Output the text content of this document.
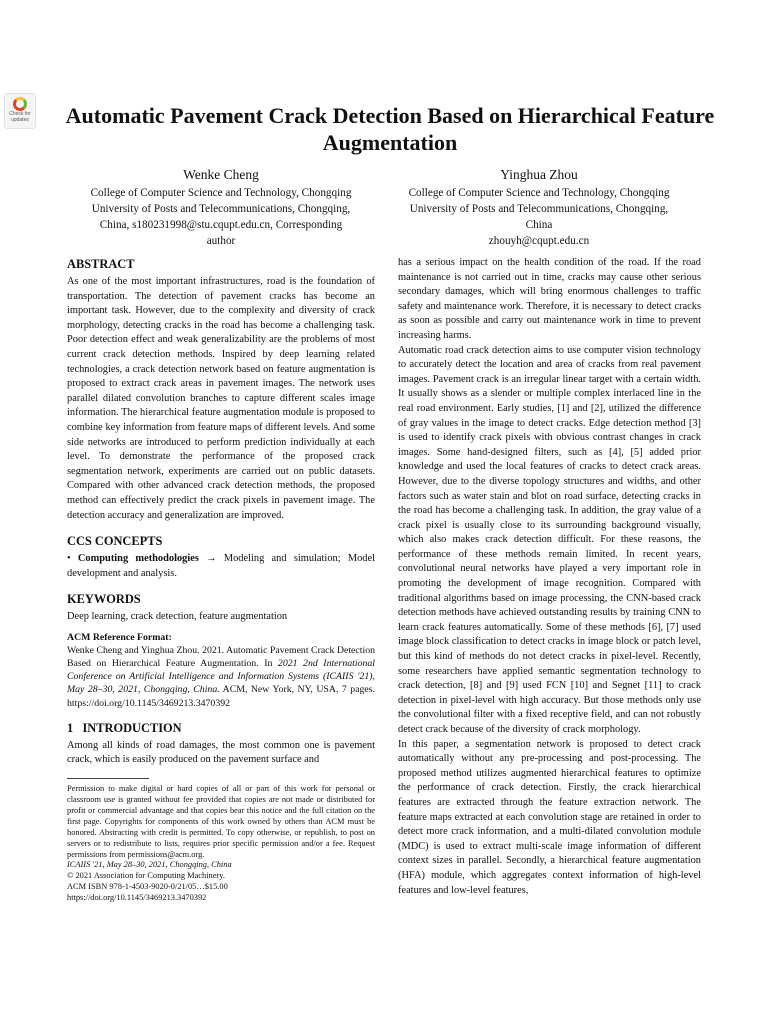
Check for updates Automatic Pavement Crack Detection Based on Hierarchical Feature Augmentation
Wenke Cheng
College of Computer Science and Technology, Chongqing
University of Posts and Telecommunications, Chongqing,
China, s180231998@stu.cqupt.edu.cn, Corresponding
author
Yinghua Zhou
College of Computer Science and Technology, Chongqing
University of Posts and Telecommunications, Chongqing,
China
zhouyh@cqupt.edu.cn
ABSTRACT

As one of the most important infrastructures, road is the foundation of transportation. The detection of pavement cracks has become an important task. However, due to the complexity and diversity of crack morphology, detecting cracks in the road has become a challenging task. Poor detection effect and weak generalizability are the problems of most current crack detection methods. Inspired by deep learning related technologies, a crack detection network based on feature augmentation is proposed to extract crack areas in pavement images. The network uses parallel dilated convolution branches to capture different scales image information. The hierarchical feature augmentation module is proposed to combine key information from feature maps of different levels. And some side networks are introduced to perform prediction individually at each level. To demonstrate the performance of the proposed crack segmentation network, experiments are carried out on public datasets. Compared with other advanced crack detection methods, the proposed method can effectively predict the crack pixels in pavement image. The detection accuracy and generalization are improved.

CCS CONCEPTS

• Computing methodologies → Modeling and simulation; Model development and analysis.

KEYWORDS

Deep learning, crack detection, feature augmentation

ACM Reference Format:

Wenke Cheng and Yinghua Zhou. 2021. Automatic Pavement Crack Detection Based on Hierarchical Feature Augmentation. In 2021 2nd International Conference on Artificial Intelligence and Information Systems (ICAIIS '21), May 28–30, 2021, Chongqing, China. ACM, New York, NY, USA, 7 pages. https://doi.org/10.1145/3469213.3470392

1   INTRODUCTION

Among all kinds of road damages, the most common one is pavement crack, which is easily produced on the pavement surface and

Permission to make digital or hard copies of all or part of this work for personal or classroom use is granted without fee provided that copies are not made or distributed for profit or commercial advantage and that copies bear this notice and the full citation on the first page. Copyrights for components of this work owned by others than ACM must be honored. Abstracting with credit is permitted. To copy otherwise, or republish, to post on servers or to redistribute to lists, requires prior specific permission and/or a fee. Request permissions from permissions@acm.org.

ICAIIS '21, May 28–30, 2021, Chongqing, China

© 2021 Association for Computing Machinery.

ACM ISBN 978-1-4503-9020-0/21/05…$15.00

https://doi.org/10.1145/3469213.3470392

has a serious impact on the health condition of the road. If the road maintenance is not carried out in time, cracks may cause other serious secondary damages, which will bring enormous challenges to traffic safety and maintenance work. Therefore, it is necessary to detect cracks as soon as possible and carry out maintenance work in time to prevent increasing harms.

Automatic road crack detection aims to use computer vision technology to accurately detect the location and area of cracks from real pavement images. Pavement crack is an irregular linear target with a certain width. It usually shows as a slender or multiple complex interlaced line in the real road environment. Early studies, [1] and [2], utilized the difference of gray values in the image to detect cracks. Edge detection method [3] is used to identify crack pixels with obvious contrast changes in crack images. Some hand-designed filters, such as [4], [5] added prior knowledge and used the local features of cracks to detect crack areas. However, due to the diverse topology structures and widths, and other factors such as water stain and blot on road surface, detecting cracks in the road has become a challenging task. In addition, the gray value of a crack pixel is usually close to its surrounding background visually, which also makes crack detection difficult. For these reasons, the performance of these methods remain limited. In recent years, convolutional neural networks have played a very important role in promoting the development of image recognition. Compared with traditional algorithms based on image processing, the CNN-based crack detection methods have achieved outstanding results by training CNN to learn crack features automatically. Some of these methods [6], [7] used image block classification to detect cracks in image block or patch level, but this kind of methods do not detect cracks in pixel-level. Recently, some researchers have applied semantic segmentation technology to crack detection, [8] and [9] used FCN [10] and Segnet [11] to crack detection in pixel-level with high accuracy. But those methods only use the convolutional filter with a fixed receptive field, and can not robustly detect crack because of the diversity of crack morphology.

In this paper, a segmentation network is proposed to detect crack automatically without any pre-processing and post-processing. The proposed method utilizes augmented hierarchical features to optimize the performance of crack detection. Firstly, the crack hierarchical features are extracted through the feature extraction network. The feature maps extracted at each convolution stage are retained in order to detect more crack information, and a multi-dilated convolution module (MDC) is used to extract multi-scale image information of different context sizes in parallel. Secondly, a hierarchical feature augmentation (HFA) module, which aggregates context information of high-level features and low-level features,
